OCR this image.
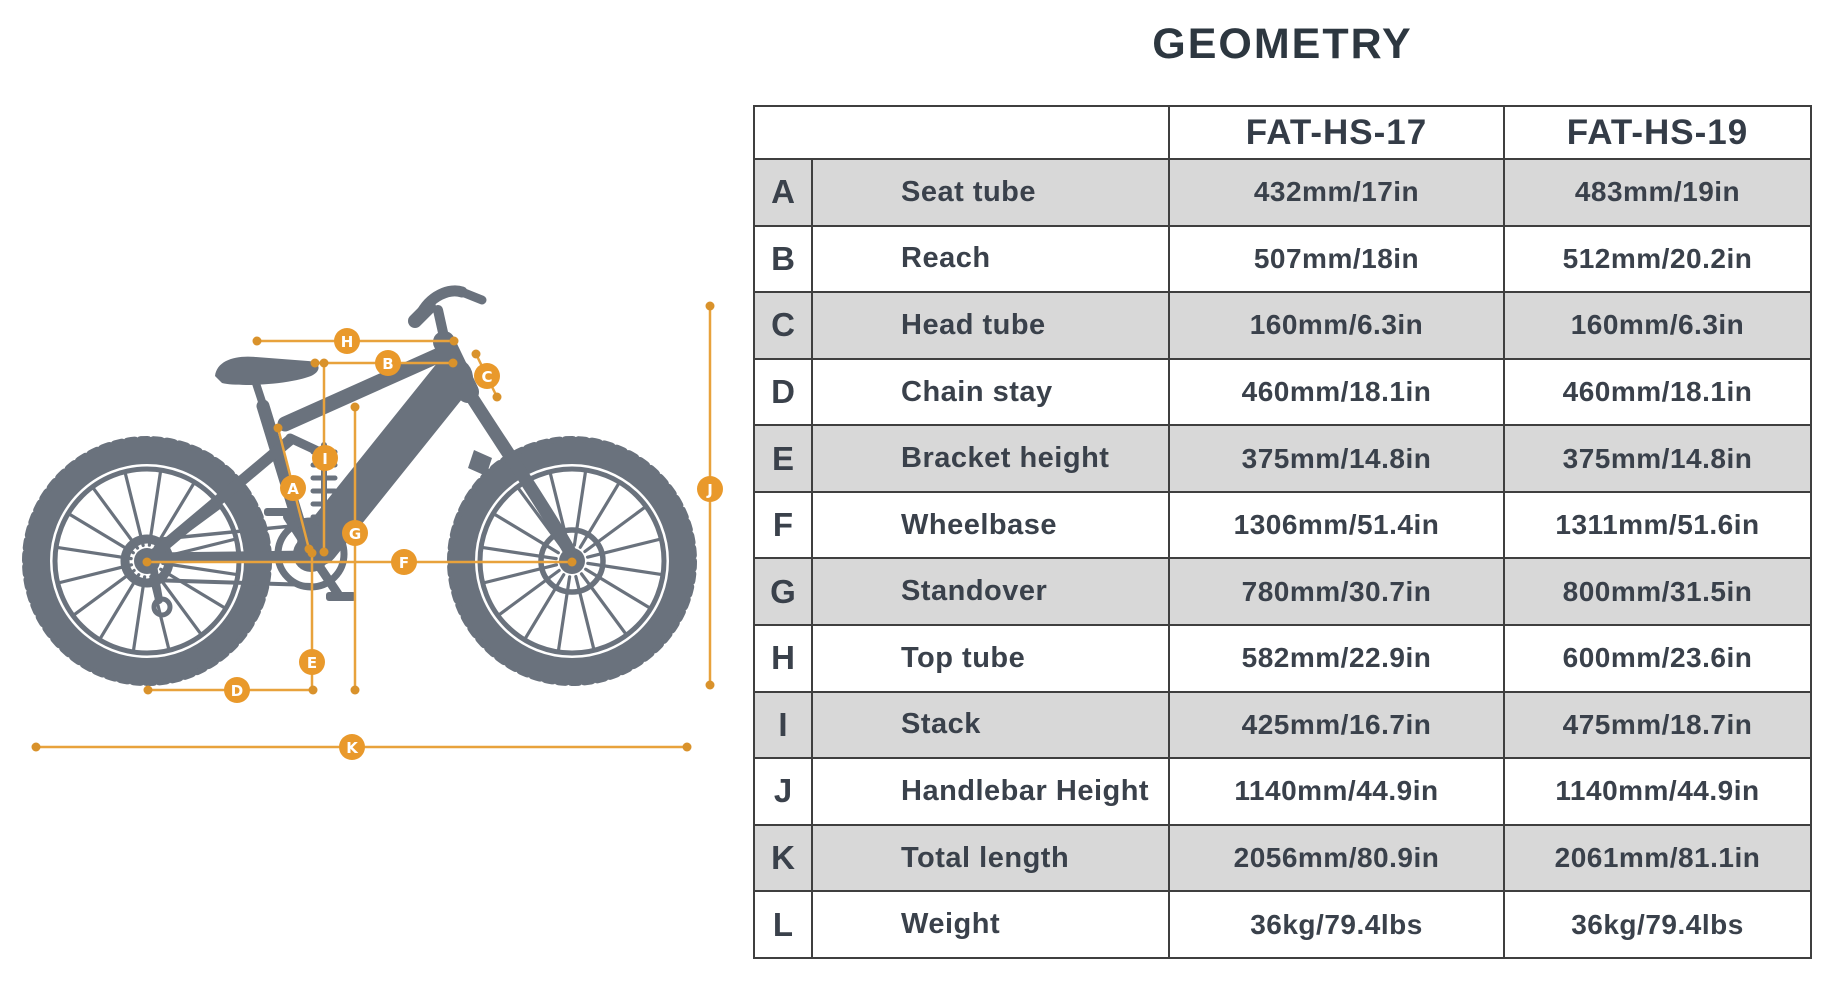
H
B
C
I
A
G
E
F
D
J
K
GEOMETRY
FAT-HS-17	FAT-HS-19
A	Seat tube	432mm/17in	483mm/19in
B	Reach	507mm/18in	512mm/20.2in
C	Head tube	160mm/6.3in	160mm/6.3in
D	Chain stay	460mm/18.1in	460mm/18.1in
E	Bracket height	375mm/14.8in	375mm/14.8in
F	Wheelbase	1306mm/51.4in	1311mm/51.6in
G	Standover	780mm/30.7in	800mm/31.5in
H	Top tube	582mm/22.9in	600mm/23.6in
I	Stack	425mm/16.7in	475mm/18.7in
J	Handlebar Height	1140mm/44.9in	1140mm/44.9in
K	Total length	2056mm/80.9in	2061mm/81.1in
L	Weight	36kg/79.4lbs	36kg/79.4lbs
